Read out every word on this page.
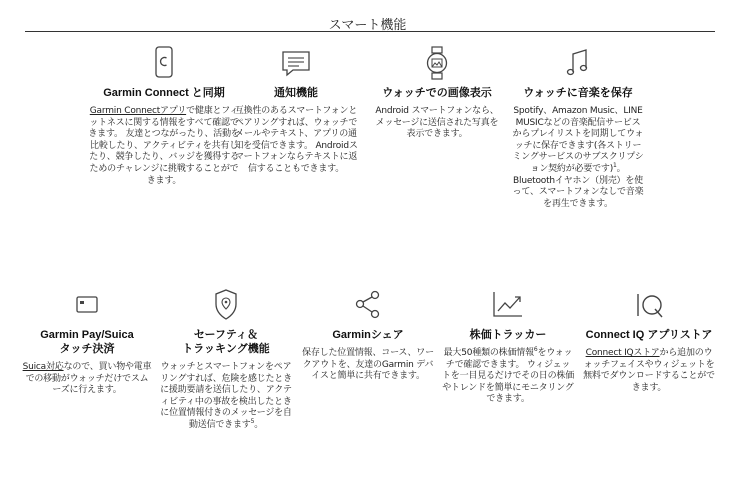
スマート機能
Garmin Connect と同期
Garmin Connectアプリで健康とフィットネスに関する情報をすべて確認できます。 友達とつながったり、活動を比較したり、アクティビティを共有したり、競争したり、バッジを獲得するためのチャレンジに挑戦することができます。
通知機能
互換性のあるスマートフォンとペアリングすれば、ウォッチでメールやテキスト、アプリの通知を受信できます。 Androidスマートフォンならテキストに返信することもできます。
ウォッチでの画像表示
Android スマートフォンなら、メッセージに送信された写真を表示できます。
ウォッチに音楽を保存
Spotify、Amazon Music、LINE MUSICなどの音楽配信サービスからプレイリストを同期してウォッチに保存できます(各ストリーミングサービスのサブスクリプション契約が必要です)$^1$。 Bluetoothイヤホン（別売）を使って、スマートフォンなしで音楽を再生できます。
Garmin Pay/Suica
タッチ決済
Suica対応なので、買い物や電車での移動がウォッチだけでスムーズに行えます。
セーフティ＆
トラッキング機能
ウォッチとスマートフォンをペアリングすれば、危険を感じたときに援助要請を送信したり、アクティビティ中の事故を検出したときに位置情報付きのメッセージを自動送信できます$^5$。
Garminシェア
保存した位置情報、コース、ワークアウトを、友達のGarmin デバイスと簡単に共有できます。
株価トラッカー
最大50種類の株価情報$^6$をウォッチで確認できます。 ウィジェットを一目見るだけでその日の株価やトレンドを簡単にモニタリングできます。
Connect IQ アプリストア
Connect IQストアから追加のウォッチフェイスやウィジェットを無料でダウンロードすることができます。
